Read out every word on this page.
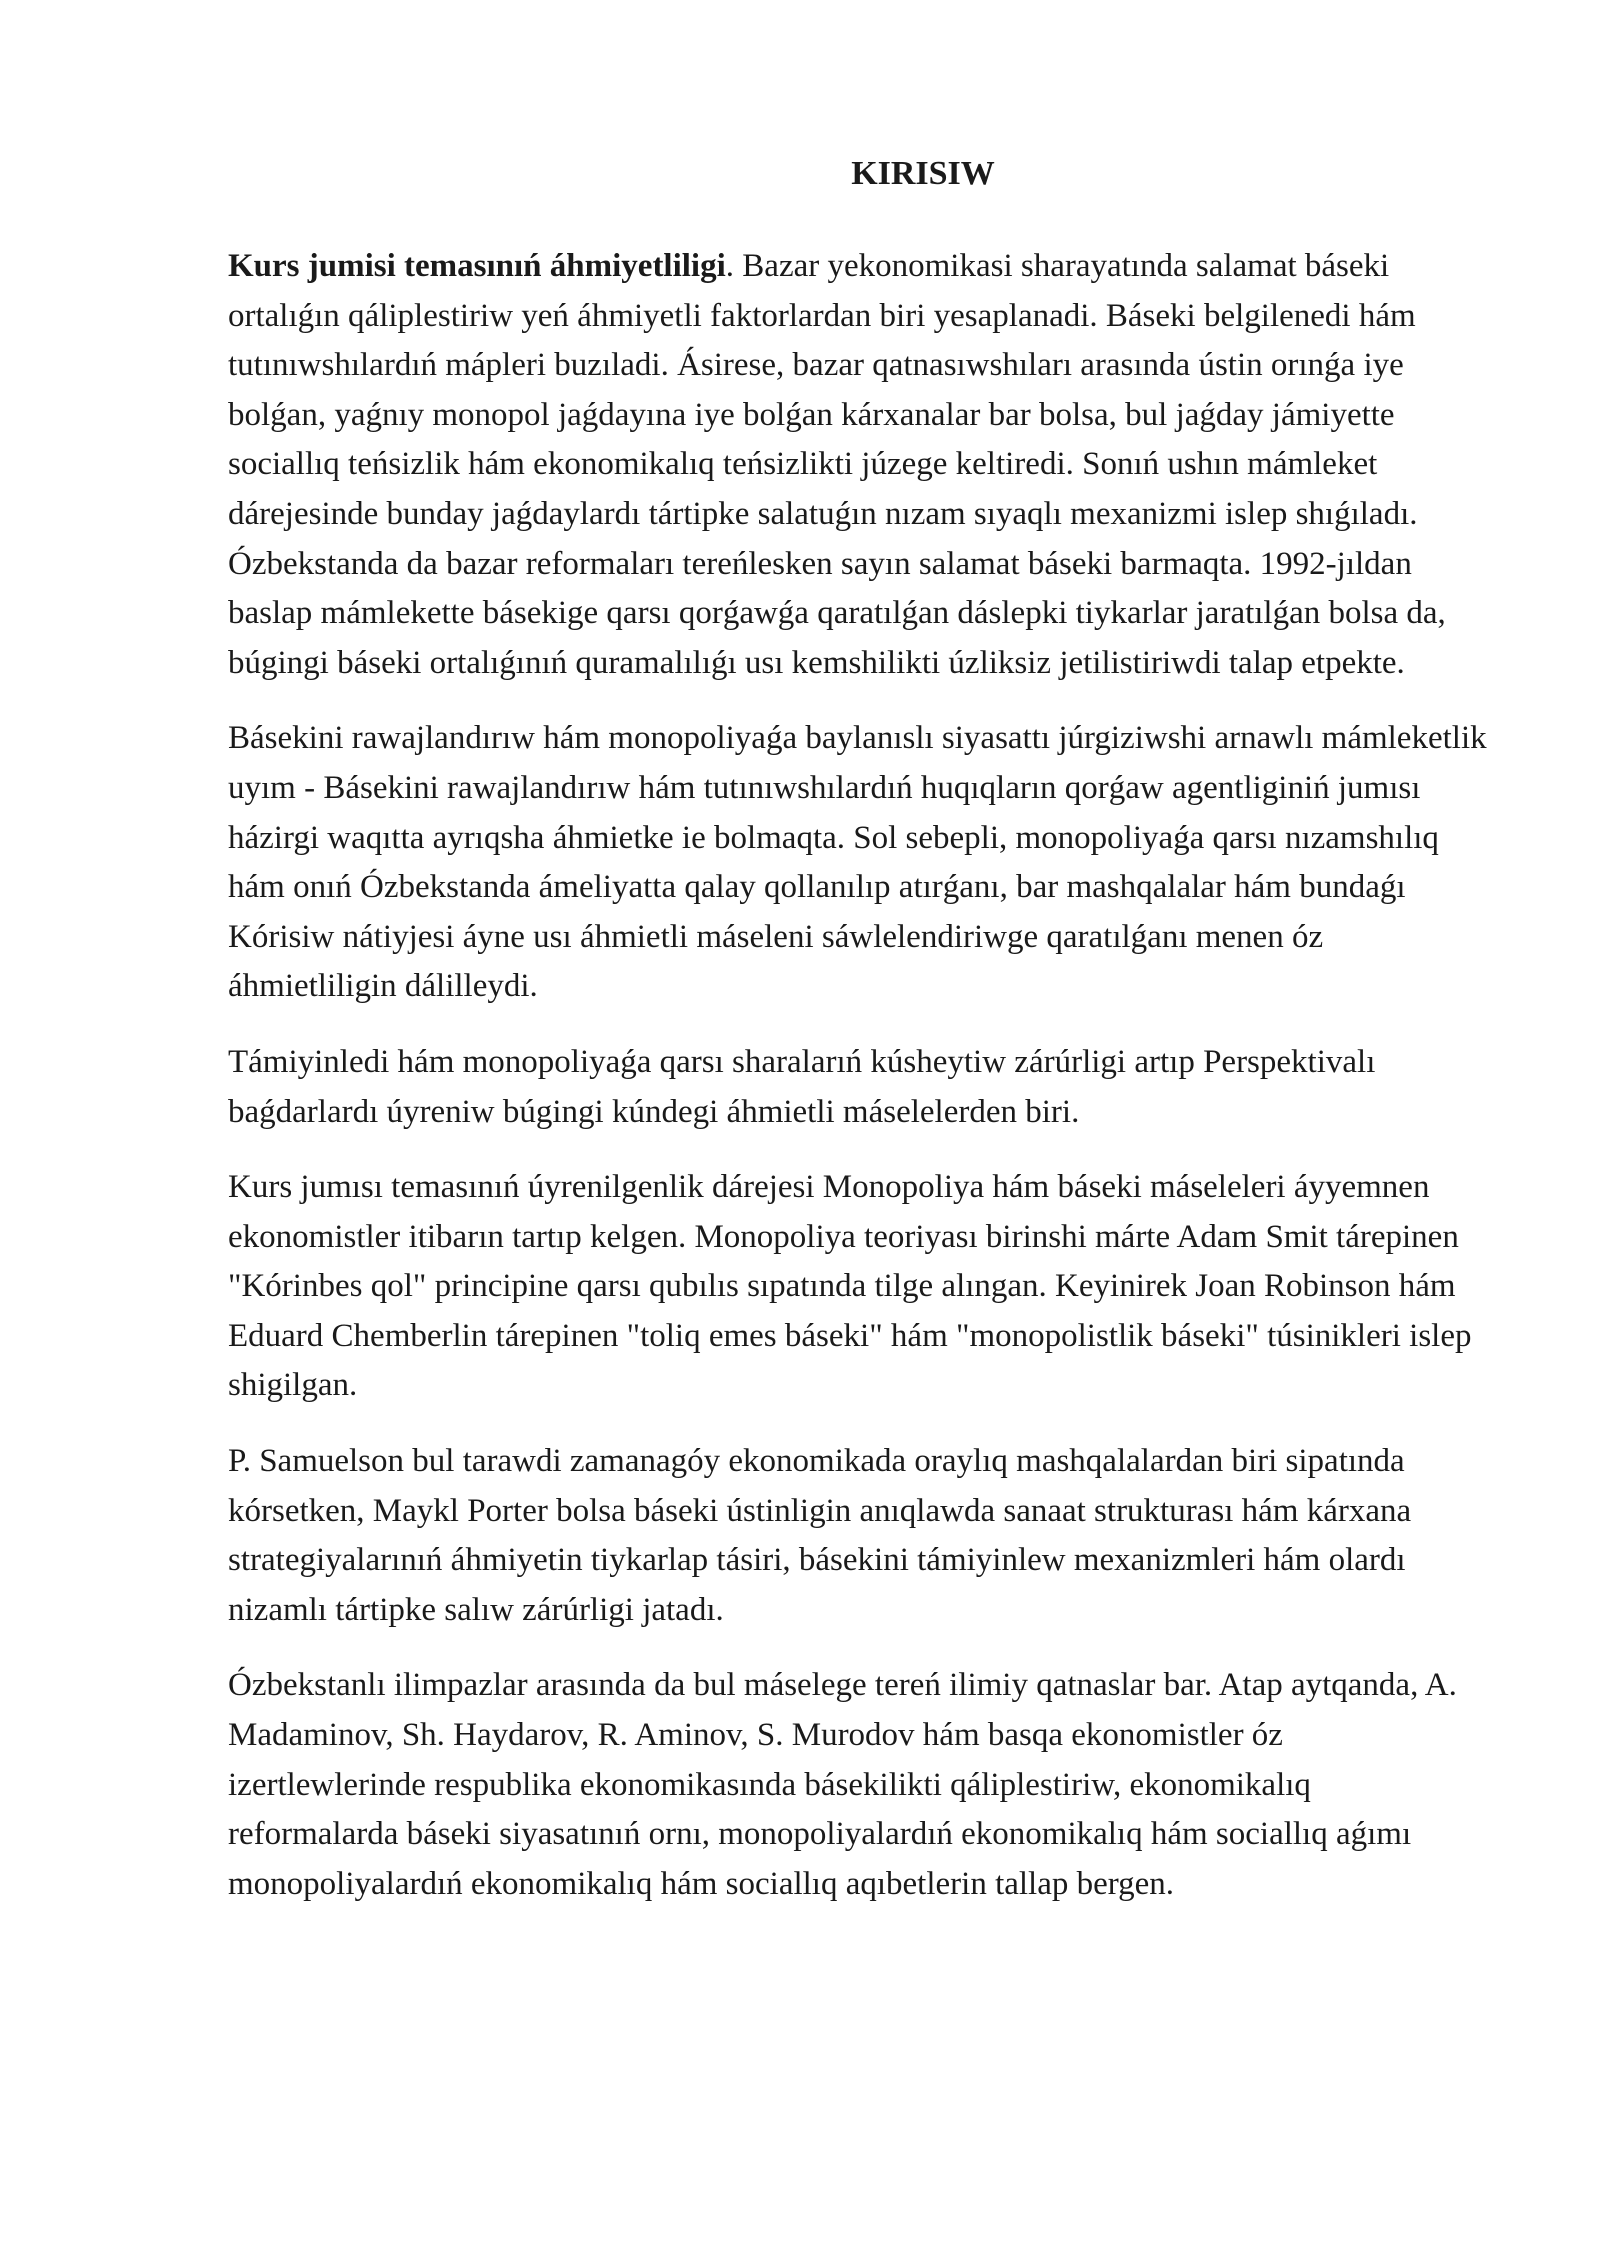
KIRISIW

Kurs jumisi temasınıń áhmiyetliligi. Bazar yekonomikasi sharayatında salamat báseki ortalıǵın qáliplestiriw yeń áhmiyetli faktorlardan biri yesaplanadi. Báseki belgilenedi hám tutınıwshılardıń mápleri buzıladi. Ásirese, bazar qatnasıwshıları arasında ústin orınǵa iye bolǵan, yaǵnıy monopol jaǵdayına iye bolǵan kárxanalar bar bolsa, bul jaǵday jámiyette sociallıq teńsizlik hám ekonomikalıq teńsizlikti júzege keltiredi. Sonıń ushın mámleket dárejesinde bunday jaǵdaylardı tártipke salatuǵın nızam sıyaqlı mexanizmi islep shıǵıladı. Ózbekstanda da bazar reformaları tereńlesken sayın salamat báseki barmaqta. 1992-jıldan baslap mámlekette básekige qarsı qorǵawǵa qaratılǵan dáslepki tiykarlar jaratılǵan bolsa da, búgingi báseki ortalıǵınıń quramalılıǵı usı kemshilikti úzliksiz jetilistiriwdi talap etpekte.

Básekini rawajlandırıw hám monopoliyaǵa baylanıslı siyasattı júrgiziwshi arnawlı mámleketlik uyım - Básekini rawajlandırıw hám tutınıwshılardıń huqıqların qorǵaw agentliginiń jumısı házirgi waqıtta ayrıqsha áhmietke ie bolmaqta. Sol sebepli, monopoliyaǵa qarsı nızamshılıq hám onıń Ózbekstanda ámeliyatta qalay qollanılıp atırǵanı, bar mashqalalar hám bundaǵı Kórisiw nátiyjesi áyne usı áhmietli máseleni sáwlelendiriwge qaratılǵanı menen óz áhmietliligin dálilleydi.

Támiyinledi hám monopoliyaǵa qarsı sharalarıń kúsheytiw zárúrligi artıp Perspektivalı baǵdarlardı úyreniw búgingi kúndegi áhmietli máselelerden biri.

Kurs jumısı temasınıń úyrenilgenlik dárejesi Monopoliya hám báseki máseleleri áyyemnen ekonomistler itibarın tartıp kelgen. Monopoliya teoriyası birinshi márte Adam Smit tárepinen "Kórinbes qol" principine qarsı qubılıs sıpatında tilge alıngan. Keyinirek Joan Robinson hám Eduard Chemberlin tárepinen "toliq emes báseki" hám "monopolistlik báseki" túsinikleri islep shigilgan.

P. Samuelson bul tarawdi zamanagóy ekonomikada oraylıq mashqalalardan biri sipatında kórsetken, Maykl Porter bolsa báseki ústinligin anıqlawda sanaat strukturası hám kárxana strategiyalarınıń áhmiyetin tiykarlap tásiri, básekini támiyinlew mexanizmleri hám olardı nizamlı tártipke salıw zárúrligi jatadı.

Ózbekstanlı ilimpazlar arasında da bul máselege tereń ilimiy qatnaslar bar. Atap aytqanda, A. Madaminov, Sh. Haydarov, R. Aminov, S. Murodov hám basqa ekonomistler óz izertlewlerinde respublika ekonomikasında básekilikti qáliplestiriw, ekonomikalıq reformalarda báseki siyasatınıń ornı, monopoliyalardıń ekonomikalıq hám sociallıq aǵımı monopoliyalardıń ekonomikalıq hám sociallıq aqıbetlerin tallap bergen.
